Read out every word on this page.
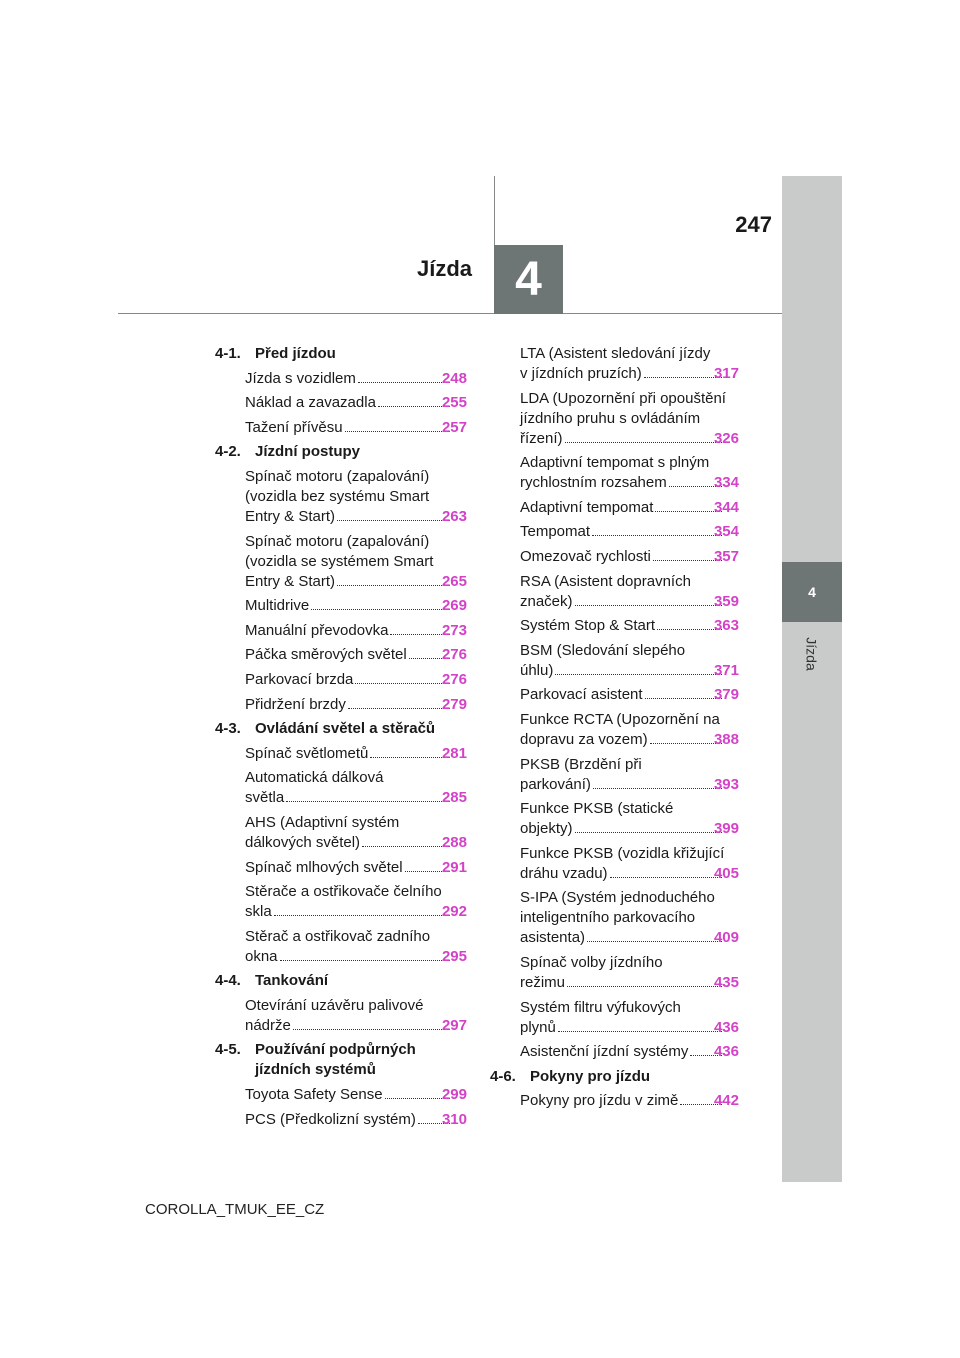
4
Jízda
247
4
Jízda
4-1. Před jízdou
Jízda s vozidlem	248
Náklad a zavazadla	255
Tažení přívěsu	257
4-2. Jízdní postupy
Spínač motoru (zapalování)
(vozidla bez systému Smart
Entry & Start)	263
Spínač motoru (zapalování)
(vozidla se systémem Smart
Entry & Start)	265
Multidrive	269
Manuální převodovka	273
Páčka směrových světel 276
Parkovací brzda	276
Přidržení brzdy	279
4-3. Ovládání světel a stěračů
Spínač světlometů	281
Automatická dálková
světla	285
AHS (Adaptivní systém
dálkových světel)	288
Spínač mlhových světel	291
Stěrače a ostřikovače čelního
skla	292
Stěrač a ostřikovač zadního
okna	295
4-4. Tankování
Otevírání uzávěru palivové
nádrže	297
4-5. Používání podpůrných jízdních systémů
Toyota Safety Sense	299
PCS (Předkolizní systém) 310
LTA (Asistent sledování jízdy
v jízdních pruzích)	317
LDA (Upozornění při opouštění
jízdního pruhu s ovládáním
řízení)	326
Adaptivní tempomat s plným
rychlostním rozsahem	334
Adaptivní tempomat	344
Tempomat	354
Omezovač rychlosti	357
RSA (Asistent dopravních
značek)	359
Systém Stop & Start	363
BSM (Sledování slepého
úhlu)	371
Parkovací asistent	379
Funkce RCTA (Upozornění na
dopravu za vozem)	388
PKSB (Brzdění při
parkování)	393
Funkce PKSB (statické
objekty)	399
Funkce PKSB (vozidla křižující
dráhu vzadu)	405
S-IPA (Systém jednoduchého
inteligentního parkovacího
asistenta)	409
Spínač volby jízdního
režimu	435
Systém filtru výfukových
plynů	436
Asistenční jízdní systémy 436
4-6. Pokyny pro jízdu
Pokyny pro jízdu v zimě 442
COROLLA_TMUK_EE_CZ
